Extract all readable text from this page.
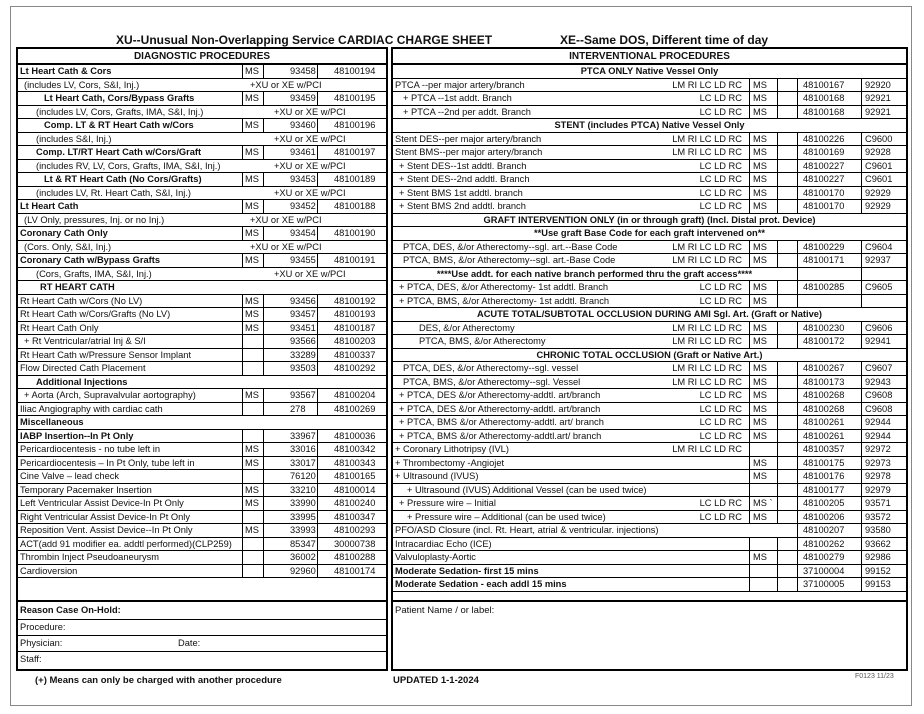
XU--Unusual Non-Overlapping Service CARDIAC CHARGE SHEET	XE--Same DOS, Different time of day
DIAGNOSTIC PROCEDURES
Lt Heart Cath & Cors	MS	93458 48100194
(includes LV, Cors, S&I, Inj.)	+XU or XE w/PCI
Lt Heart Cath, Cors/Bypass Grafts	MS	93459 48100195
(includes LV, Cors, Grafts, IMA, S&I, Inj.)	+XU or XE w/PCI
Comp. LT & RT Heart Cath w/Cors	MS	93460 48100196
(includes S&I, Inj.)	+XU or XE w/PCI
Comp. LT/RT Heart Cath w/Cors/Graft	MS	93461 48100197
(includes RV, LV, Cors, Grafts, IMA, S&I, Inj.)	+XU or XE w/PCI
Lt & RT Heart Cath (No Cors/Grafts)	MS	93453 48100189
(includes LV, Rt. Heart Cath, S&I, Inj.)	+XU or XE w/PCI
Lt Heart Cath	MS	93452 48100188
(LV Only, pressures, Inj. or no Inj.)	+XU or XE w/PCI
Coronary Cath Only	MS	93454 48100190
(Cors. Only, S&I, Inj.)	+XU or XE w/PCI
Coronary Cath w/Bypass Grafts	MS	93455 48100191
(Cors, Grafts, IMA, S&I, Inj.)	+XU or XE w/PCI
RT HEART CATH
Rt Heart Cath w/Cors (No LV)	MS	93456 48100192
Rt Heart Cath w/Cors/Grafts (No LV)	MS	93457 48100193
Rt Heart Cath Only	MS	93451 48100187
+ Rt Ventricular/atrial Inj & S/I	93566 48100203
Rt Heart Cath w/Pressure Sensor Implant	33289 48100337
Flow Directed Cath Placement	93503 48100292
Additional Injections
+ Aorta (Arch, Supravalvular aortography)	MS	93567 48100204
Iliac Angiography with cardiac cath	278	48100269
Miscellaneous
IABP Insertion--In Pt Only	33967 48100036
Pericardiocentesis - no tube left in	MS	33016 48100342
Pericardiocentesis – In Pt Only, tube left in	MS	33017 48100343
Cine Valve – lead check	76120 48100165
Temporary Pacemaker Insertion	MS	33210 48100014
Left Ventricular Assist Device-In Pt Only	MS	33990 48100240
Right Ventricular Assist Device-In Pt Only	33995 48100347
Reposition Vent. Assist Device--In Pt Only	MS	33993 48100293
ACT(add 91 modifier ea. addtl performed)(CLP259)	85347 30000738
Thrombin Inject Pseudoaneurysm	36002 48100288
Cardioversion	92960 48100174
Reason Case On-Hold:
Procedure:
Physician:	Date:
Staff:
INTERVENTIONAL PROCEDURES
PTCA ONLY Native Vessel Only
PTCA --per major artery/branch	LM RI LC LD RC MS	48100167 92920
+ PTCA --1st addt. Branch	LC LD RC MS	48100168 92921
+ PTCA --2nd per addt. Branch	LC LD RC MS	48100168 92921
STENT (includes PTCA) Native Vessel Only
Stent DES--per major artery/branch	LM RI LC LD RC MS	48100226 C9600
Stent BMS--per major artery/branch	LM RI LC LD RC MS	48100169 92928
+ Stent DES--1st addtl. Branch	LC LD RC MS	48100227 C9601
+ Stent DES--2nd addtl. Branch	LC LD RC MS	48100227 C9601
+ Stent BMS 1st addtl. branch	LC LD RC MS	48100170 92929
+ Stent BMS 2nd addtl. branch	LC LD RC MS	48100170 92929
GRAFT INTERVENTION ONLY (in or through graft) (Incl. Distal prot. Device)
**Use graft Base Code for each graft intervened on**
PTCA, DES, &/or Atherectomy--sgl. art.--Base Code	LM RI LC LD RC MS	48100229 C9604
PTCA, BMS, &/or Atherectomy--sgl. art.-Base Code	LM RI LC LD RC MS	48100171 92937
****Use addt. for each native branch performed thru the graft access****
+ PTCA, DES, &/or Atherectomy- 1st addtl. Branch	LC LD RC MS	48100285 C9605
+ PTCA, BMS, &/or Atherectomy- 1st addtl. Branch	LC LD RC MS
ACUTE TOTAL/SUBTOTAL OCCLUSION DURING AMI Sgl. Art. (Graft or Native)
DES, &/or Atherectomy	LM RI LC LD RC MS	48100230 C9606
PTCA, BMS, &/or Atherectomy	LM RI LC LD RC MS	48100172 92941
CHRONIC TOTAL OCCLUSION (Graft or Native Art.)
PTCA, DES, &/or Atherectomy--sgl. vessel	LM RI LC LD RC MS	48100267 C9607
PTCA, BMS, &/or Atherectomy--sgl. Vessel	LM RI LC LD RC MS	48100173 92943
+ PTCA, DES &/or Atherectomy-addtl. art/branch	LC LD RC MS	48100268 C9608
+ PTCA, DES &/or Atherectomy-addtl. art/branch	LC LD RC MS	48100268 C9608
+ PTCA, BMS &/or Atherectomy-addtl. art/ branch	LC LD RC MS	48100261 92944
+ PTCA, BMS &/or Atherectomy-addtl.art/ branch	LC LD RC MS	48100261 92944
+ Coronary Lithotripsy (IVL)	LM RI LC LD RC	48100357 92972
+ Thrombectomy -Angiojet	MS	48100175 92973
+ Ultrasound (IVUS)	MS	48100176 92978
+ Ultrasound (IVUS) Additional Vessel (can be used twice)	48100177 92979
+ Pressure wire – Initial	LC LD RC MS `	48100205 93571
+ Pressure wire – Additional (can be used twice)	LC LD RC MS	48100206 93572
PFO/ASD Closure (incl. Rt. Heart, atrial & ventricular. injections)	48100207 93580
Intracardiac Echo (ICE)	48100262 93662
Valvuloplasty-Aortic	MS	48100279 92986
Moderate Sedation- first 15 mins	37100004 99152
Moderate Sedation - each addl 15 mins	37100005 99153
Patient Name / or label:
(+) Means can only be charged with another procedure	UPDATED 1-1-2024	F0123 11/23
